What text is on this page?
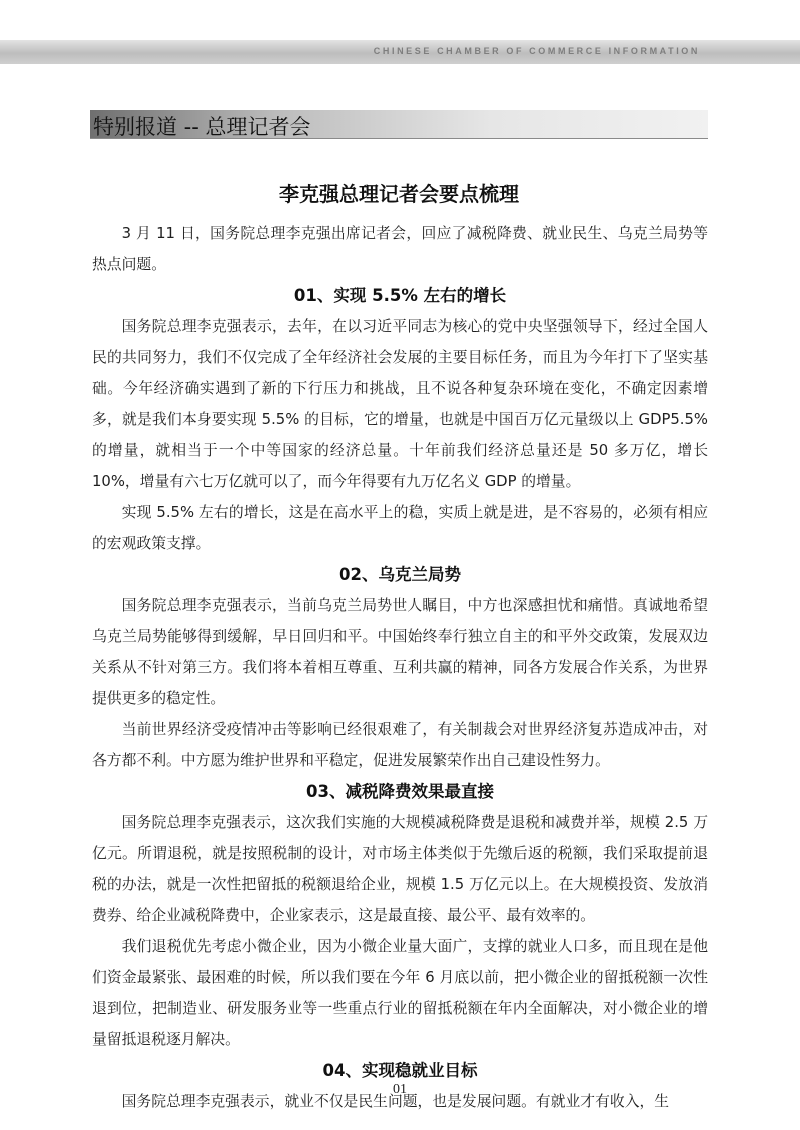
CHINESE CHAMBER OF COMMERCE INFORMATION
特别报道 -- 总理记者会
李克强总理记者会要点梳理

3 月 11 日，国务院总理李克强出席记者会，回应了减税降费、就业民生、乌克兰局势等热点问题。

01、实现 5.5% 左右的增长

国务院总理李克强表示，去年，在以习近平同志为核心的党中央坚强领导下，经过全国人民的共同努力，我们不仅完成了全年经济社会发展的主要目标任务，而且为今年打下了坚实基础。今年经济确实遇到了新的下行压力和挑战，且不说各种复杂环境在变化，不确定因素增多，就是我们本身要实现 5.5% 的目标，它的增量，也就是中国百万亿元量级以上 GDP5.5% 的增量，就相当于一个中等国家的经济总量。十年前我们经济总量还是 50 多万亿，增长 10%，增量有六七万亿就可以了，而今年得要有九万亿名义 GDP 的增量。

实现 5.5% 左右的增长，这是在高水平上的稳，实质上就是进，是不容易的，必须有相应的宏观政策支撑。

02、乌克兰局势

国务院总理李克强表示，当前乌克兰局势世人瞩目，中方也深感担忧和痛惜。真诚地希望乌克兰局势能够得到缓解，早日回归和平。中国始终奉行独立自主的和平外交政策，发展双边关系从不针对第三方。我们将本着相互尊重、互利共赢的精神，同各方发展合作关系，为世界提供更多的稳定性。

当前世界经济受疫情冲击等影响已经很艰难了，有关制裁会对世界经济复苏造成冲击，对各方都不利。中方愿为维护世界和平稳定，促进发展繁荣作出自己建设性努力。

03、减税降费效果最直接

国务院总理李克强表示，这次我们实施的大规模减税降费是退税和减费并举，规模 2.5 万亿元。所谓退税，就是按照税制的设计，对市场主体类似于先缴后返的税额，我们采取提前退税的办法，就是一次性把留抵的税额退给企业，规模 1.5 万亿元以上。在大规模投资、发放消费券、给企业减税降费中，企业家表示，这是最直接、最公平、最有效率的。

我们退税优先考虑小微企业，因为小微企业量大面广，支撑的就业人口多，而且现在是他们资金最紧张、最困难的时候，所以我们要在今年 6 月底以前，把小微企业的留抵税额一次性退到位，把制造业、研发服务业等一些重点行业的留抵税额在年内全面解决，对小微企业的增量留抵退税逐月解决。

04、实现稳就业目标

国务院总理李克强表示，就业不仅是民生问题，也是发展问题。有就业才有收入，生

01
